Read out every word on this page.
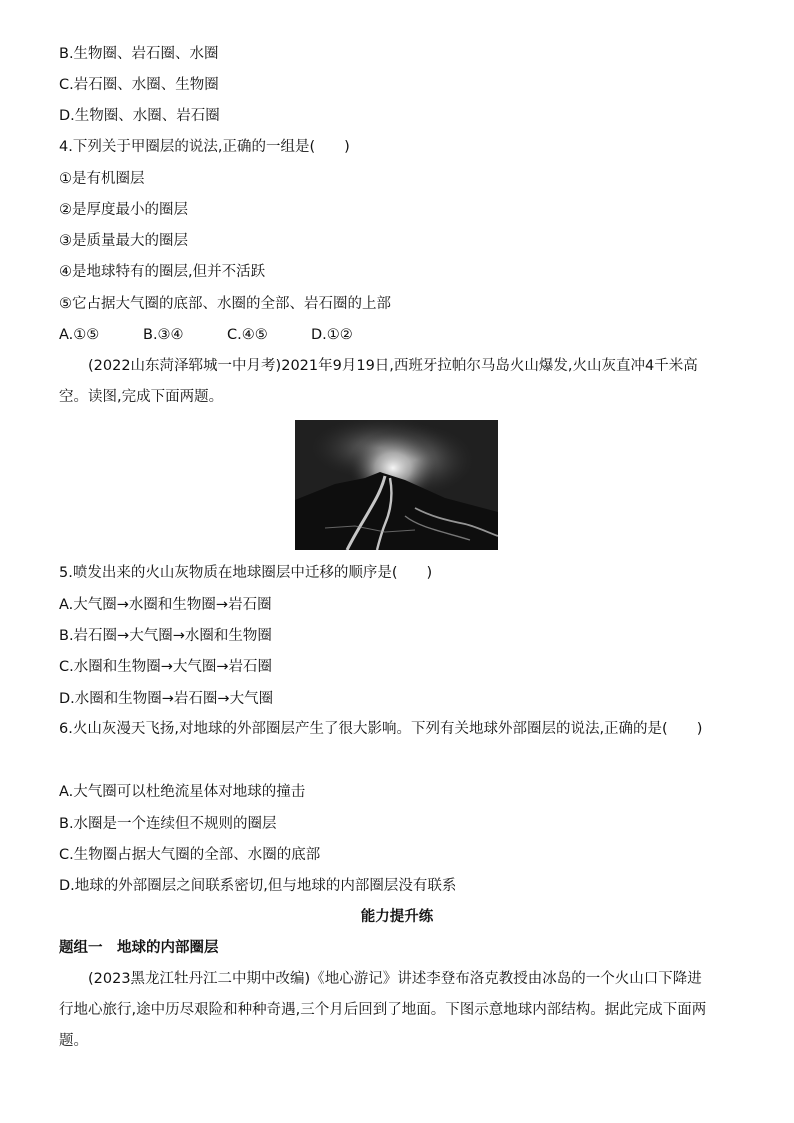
B.生物圈、岩石圈、水圈
C.岩石圈、水圈、生物圈
D.生物圈、水圈、岩石圈
4.下列关于甲圈层的说法,正确的一组是(　　)
①是有机圈层
②是厚度最小的圈层
③是质量最大的圈层
④是地球特有的圈层,但并不活跃
⑤它占据大气圈的底部、水圈的全部、岩石圈的上部
A.①⑤	B.③④	C.④⑤	D.①②
(2022山东菏泽郓城一中月考)2021年9月19日,西班牙拉帕尔马岛火山爆发,火山灰直冲4千米高空。读图,完成下面两题。
5.喷发出来的火山灰物质在地球圈层中迁移的顺序是(　　)
A.大气圈→水圈和生物圈→岩石圈
B.岩石圈→大气圈→水圈和生物圈
C.水圈和生物圈→大气圈→岩石圈
D.水圈和生物圈→岩石圈→大气圈
6.火山灰漫天飞扬,对地球的外部圈层产生了很大影响。下列有关地球外部圈层的说法,正确的是(　　)
A.大气圈可以杜绝流星体对地球的撞击
B.水圈是一个连续但不规则的圈层
C.生物圈占据大气圈的全部、水圈的底部
D.地球的外部圈层之间联系密切,但与地球的内部圈层没有联系
能力提升练
题组一　地球的内部圈层
(2023黑龙江牡丹江二中期中改编)《地心游记》讲述李登布洛克教授由冰岛的一个火山口下降进行地心旅行,途中历尽艰险和种种奇遇,三个月后回到了地面。下图示意地球内部结构。据此完成下面两题。
